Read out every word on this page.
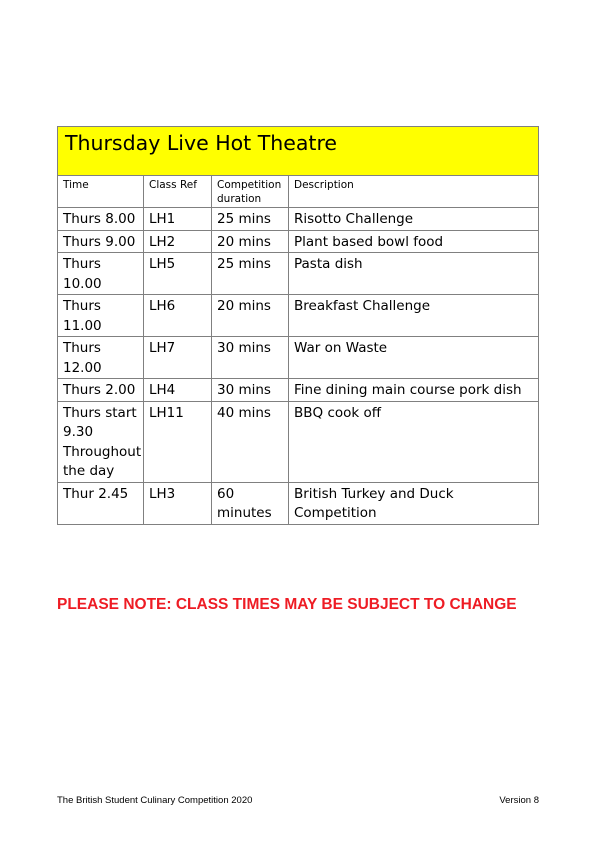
Thursday Live Hot Theatre			
Time	Class Ref	Competition duration	Description
Thurs 8.00	LH1	25 mins	Risotto Challenge
Thurs 9.00	LH2	20 mins	Plant based bowl food
Thurs 10.00	LH5	25 mins	Pasta dish
Thurs 11.00	LH6	20 mins	Breakfast Challenge
Thurs 12.00	LH7	30 mins	War on Waste
Thurs 2.00	LH4	30 mins	Fine dining main course pork dish
Thurs start 9.30 Throughout the day	LH11	40 mins	BBQ cook off
Thur 2.45	LH3	60 minutes	British Turkey and Duck Competition

PLEASE NOTE: CLASS TIMES MAY BE SUBJECT TO CHANGE

The British Student Culinary Competition 2020	Version 8
